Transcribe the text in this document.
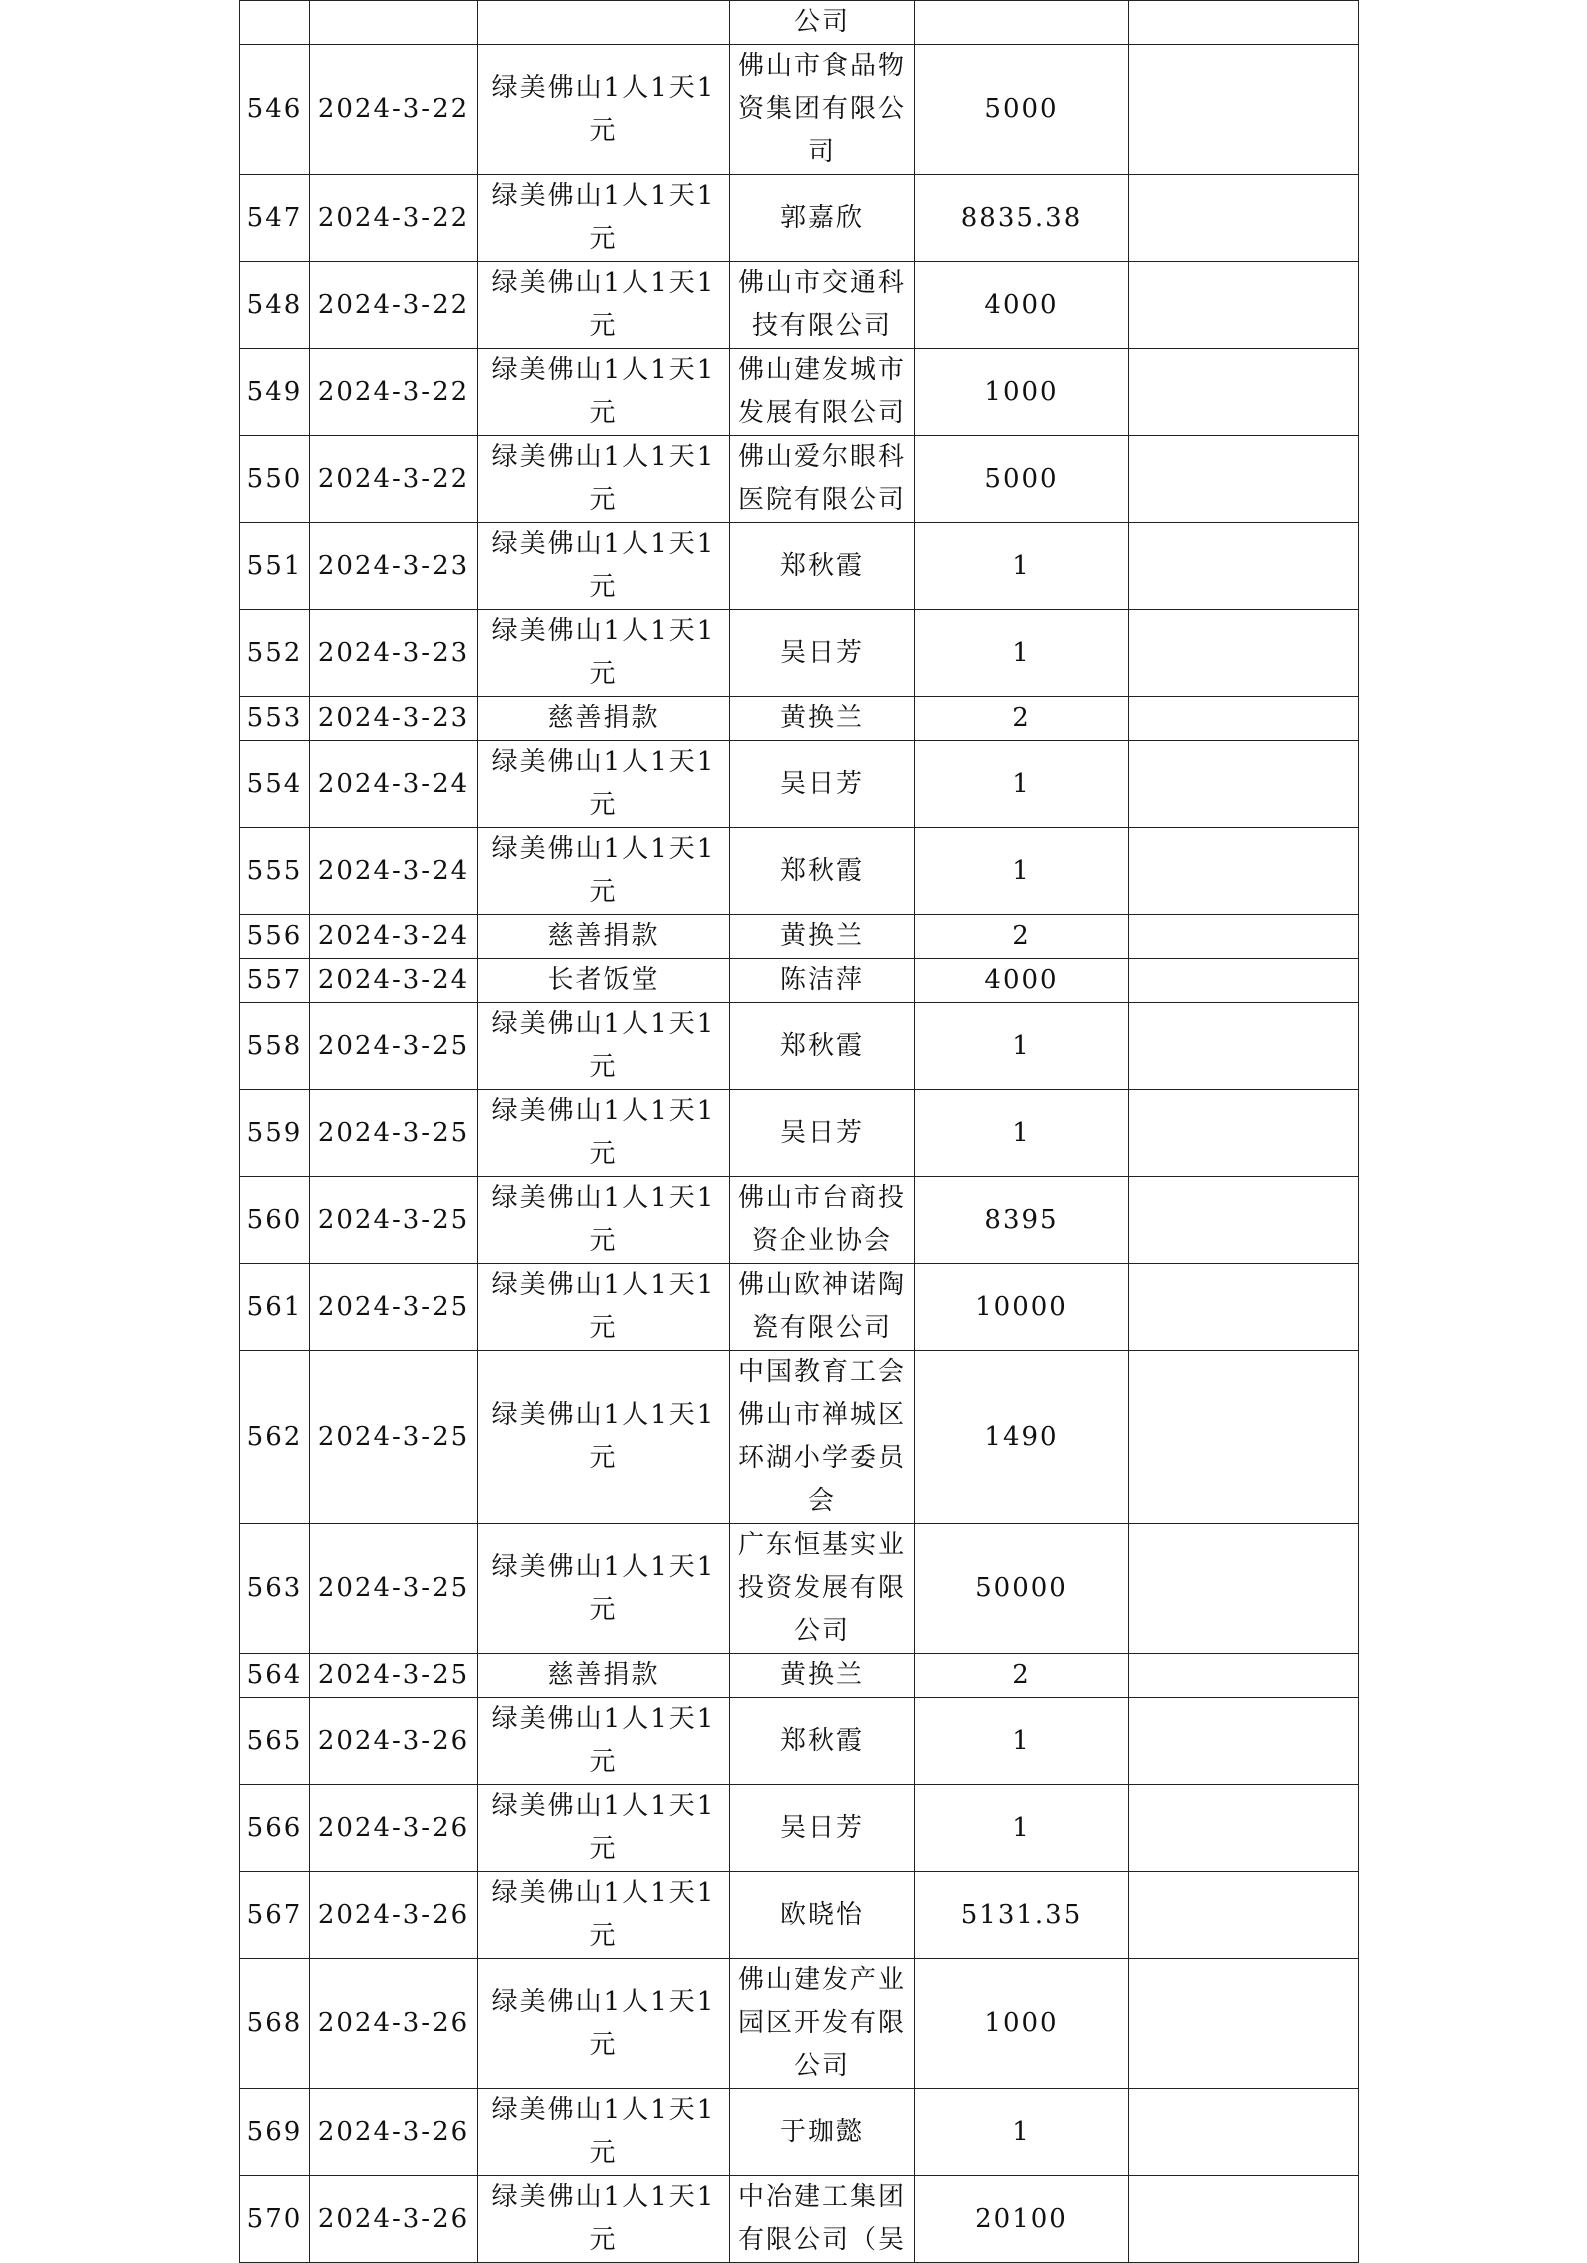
			公司		
546	2024-3-22	绿美佛山1人1天1元	佛山市食品物资集团有限公司	5000	
547	2024-3-22	绿美佛山1人1天1元	郭嘉欣	8835.38	
548	2024-3-22	绿美佛山1人1天1元	佛山市交通科技有限公司	4000	
549	2024-3-22	绿美佛山1人1天1元	佛山建发城市发展有限公司	1000	
550	2024-3-22	绿美佛山1人1天1元	佛山爱尔眼科医院有限公司	5000	
551	2024-3-23	绿美佛山1人1天1元	郑秋霞	1	
552	2024-3-23	绿美佛山1人1天1元	吴日芳	1	
553	2024-3-23	慈善捐款	黄换兰	2	
554	2024-3-24	绿美佛山1人1天1元	吴日芳	1	
555	2024-3-24	绿美佛山1人1天1元	郑秋霞	1	
556	2024-3-24	慈善捐款	黄换兰	2	
557	2024-3-24	长者饭堂	陈洁萍	4000	
558	2024-3-25	绿美佛山1人1天1元	郑秋霞	1	
559	2024-3-25	绿美佛山1人1天1元	吴日芳	1	
560	2024-3-25	绿美佛山1人1天1元	佛山市台商投资企业协会	8395	
561	2024-3-25	绿美佛山1人1天1元	佛山欧神诺陶瓷有限公司	10000	
562	2024-3-25	绿美佛山1人1天1元	中国教育工会佛山市禅城区环湖小学委员会	1490	
563	2024-3-25	绿美佛山1人1天1元	广东恒基实业投资发展有限公司	50000	
564	2024-3-25	慈善捐款	黄换兰	2	
565	2024-3-26	绿美佛山1人1天1元	郑秋霞	1	
566	2024-3-26	绿美佛山1人1天1元	吴日芳	1	
567	2024-3-26	绿美佛山1人1天1元	欧晓怡	5131.35	
568	2024-3-26	绿美佛山1人1天1元	佛山建发产业园区开发有限公司	1000	
569	2024-3-26	绿美佛山1人1天1元	于珈懿	1	
570	2024-3-26	绿美佛山1人1天1元	中冶建工集团有限公司（吴	20100	
